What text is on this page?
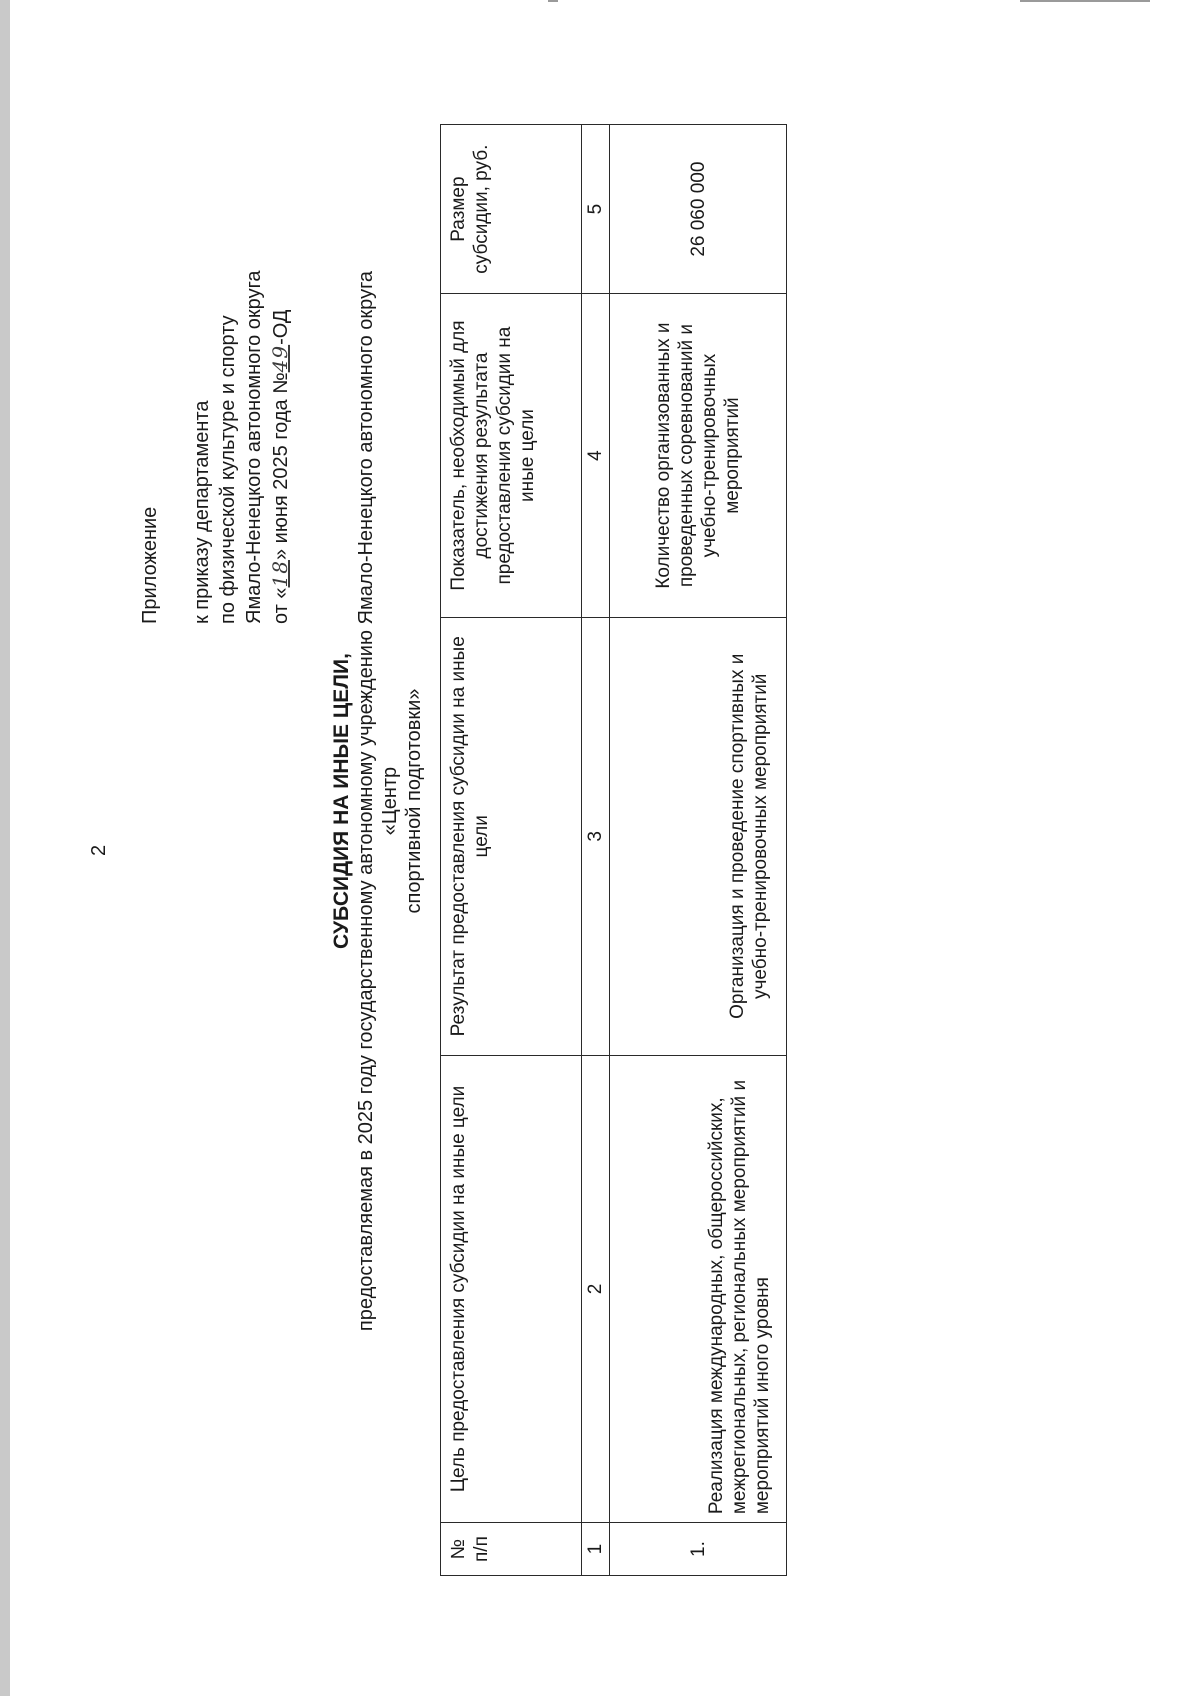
2
Приложение к приказу департамента по физической культуре и спорту Ямало-Ненецкого автономного округа от «18» июня 2025 года №49-ОД
СУБСИДИЯ НА ИНЫЕ ЦЕЛИ, предоставляемая в 2025 году государственному автономному учреждению Ямало-Ненецкого автономного округа «Центр спортивной подготовки»
№ п/п	Цель предоставления субсидии на иные цели	Результат предоставления субсидии на иные цели	Показатель, необходимый для достижения результата предоставления субсидии на иные цели	Размер субсидии, руб.
1	2	3	4	5
1.	Реализация международных, общероссийских, межрегиональных, региональных мероприятий и мероприятий иного уровня	Организация и проведение спортивных и учебно-тренировочных мероприятий	Количество организованных и проведенных соревнований и учебно-тренировочных мероприятий	26 060 000
